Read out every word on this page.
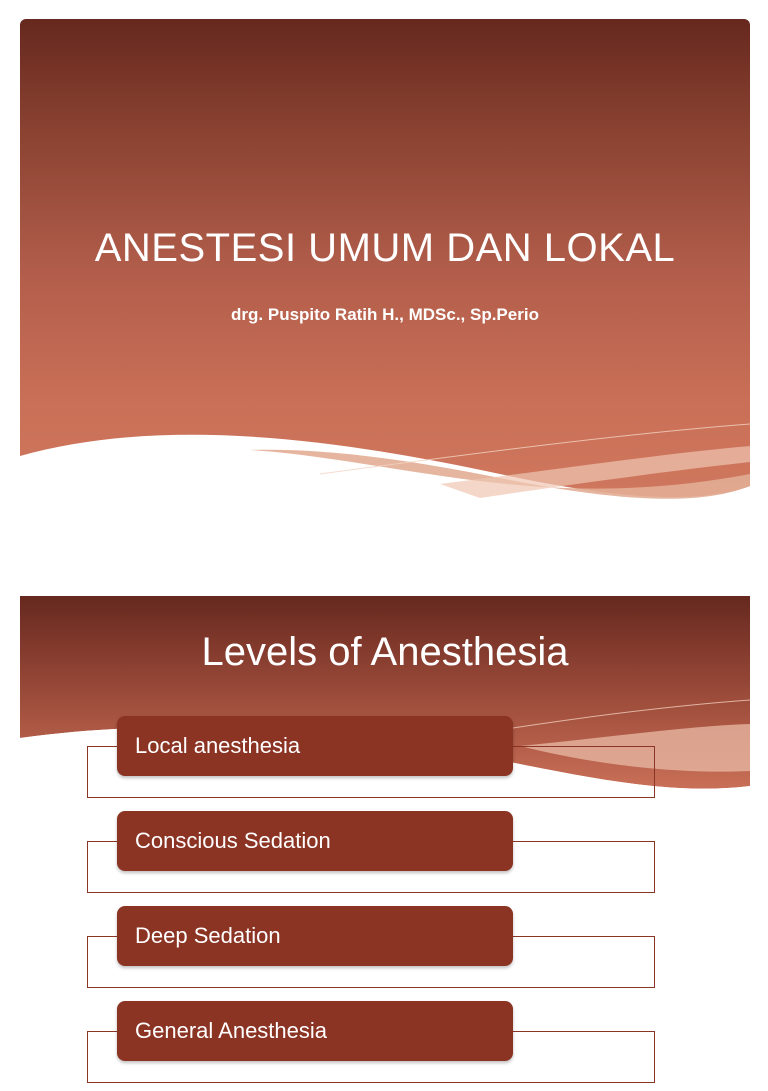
ANESTESI UMUM DAN LOKAL
drg. Puspito Ratih H., MDSc., Sp.Perio
Levels of Anesthesia
Local anesthesia
Conscious Sedation
Deep Sedation
General Anesthesia
